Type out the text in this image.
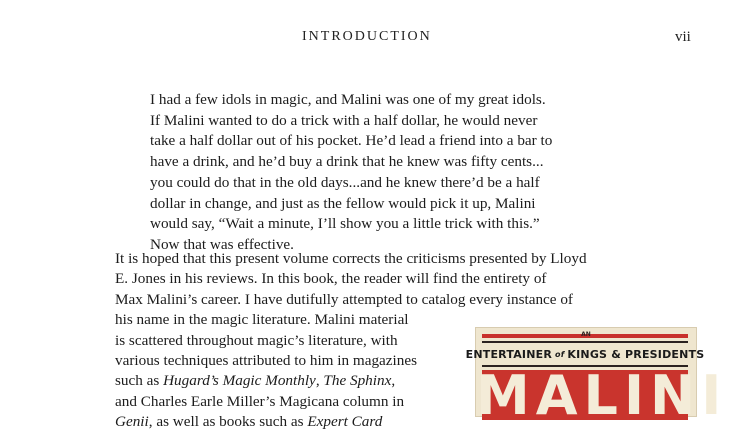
INTRODUCTION	vii
I had a few idols in magic, and Malini was one of my great idols.
If Malini wanted to do a trick with a half dollar, he would never
take a half dollar out of his pocket. He’d lead a friend into a bar to
have a drink, and he’d buy a drink that he knew was fifty cents...
you could do that in the old days...and he knew there’d be a half
dollar in change, and just as the fellow would pick it up, Malini
would say, “Wait a minute, I’ll show you a little trick with this.”
Now that was effective.
It is hoped that this present volume corrects the criticisms presented by Lloyd
E. Jones in his reviews. In this book, the reader will find the entirety of
Max Malini’s career. I have dutifully attempted to catalog every instance of
his name in the magic literature. Malini material
is scattered throughout magic’s literature, with
various techniques attributed to him in magazines
such as Hugard’s Magic Monthly, The Sphinx,
and Charles Earle Miller’s Magicana column in
Genii, as well as books such as Expert Card
AN
ENTERTAINER of KINGS & PRESIDENTS
MALINI
